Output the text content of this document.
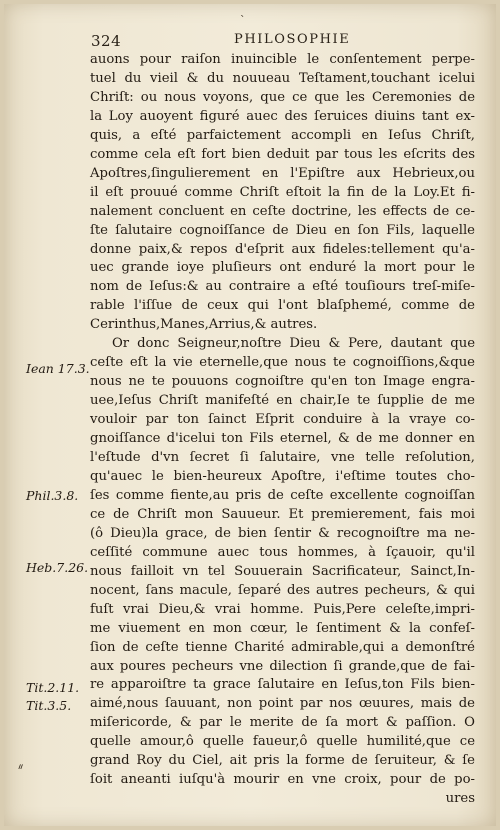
`
324	PHILOSOPHIE
auons pour raiſon inuincible le conſentement perpe-
tuel du vieil & du nouueau Teſtament,touchant icelui
Chriſt: ou nous voyons, que ce que les Ceremonies de
la Loy auoyent figuré auec des ſeruices diuins tant ex-
quis, a eſté parfaictement accompli en Ieſus Chriſt,
comme cela eſt fort bien deduit par tous les eſcrits des
Apoſtres,ſingulierement en l'Epiſtre aux Hebrieux,ou
il eſt prouué comme Chriſt eſtoit la fin de la Loy.Et fi-
nalement concluent en ceſte doctrine, les effects de ce-
ſte ſalutaire cognoiſſance de Dieu en ſon Fils, laquelle
donne paix,& repos d'eſprit aux fideles:tellement qu'a-
uec grande ioye pluſieurs ont enduré la mort pour le
nom de Ieſus:& au contraire a eſté touſiours treſ-miſe-
rable l'iſſue de ceux qui l'ont blaſphemé, comme de
Cerinthus,Manes,Arrius,& autres.
Or donc Seigneur,noſtre Dieu & Pere, dautant que
ceſte eſt la vie eternelle,que nous te cognoiſſions,&que
nous ne te pouuons cognoiſtre qu'en ton Image engra-
uee,Ieſus Chriſt manifeſté en chair,Ie te ſupplie de me
vouloir par ton ſainct Eſprit conduire à la vraye co-
gnoiſſance d'icelui ton Fils eternel, & de me donner en
l'eſtude d'vn ſecret ſi ſalutaire, vne telle reſolution,
qu'auec le bien-heureux Apoſtre, i'eſtime toutes cho-
ſes comme fiente,au pris de ceſte excellente cognoiſſan
ce de Chriſt mon Sauueur. Et premierement, fais moi
(ô Dieu)la grace, de bien ſentir & recognoiſtre ma ne-
ceſſité commune auec tous hommes, à ſçauoir, qu'il
nous failloit vn tel Souuerain Sacrificateur, Sainct,In-
nocent, ſans macule, ſeparé des autres pecheurs, & qui
fuſt vrai Dieu,& vrai homme. Puis,Pere celeſte,impri-
me viuement en mon cœur, le ſentiment & la confeſ-
ſion de ceſte tienne Charité admirable,qui a demonſtré
aux poures pecheurs vne dilection ſi grande,que de fai-
re apparoiſtre ta grace ſalutaire en Ieſus,ton Fils bien-
aimé,nous ſauuant, non point par nos œuures, mais de
miſericorde, & par le merite de ſa mort & paſſion. O
quelle amour,ô quelle faueur,ô quelle humilité,que ce
grand Roy du Ciel, ait pris la forme de ſeruiteur, & ſe
ſoit aneanti iuſqu'à mourir en vne croix, pour de po-
ures
Iean 17.3.
Phil.3.8.
Heb.7.26.
Tit.2.11.
Tit.3.5.
ᐥ
